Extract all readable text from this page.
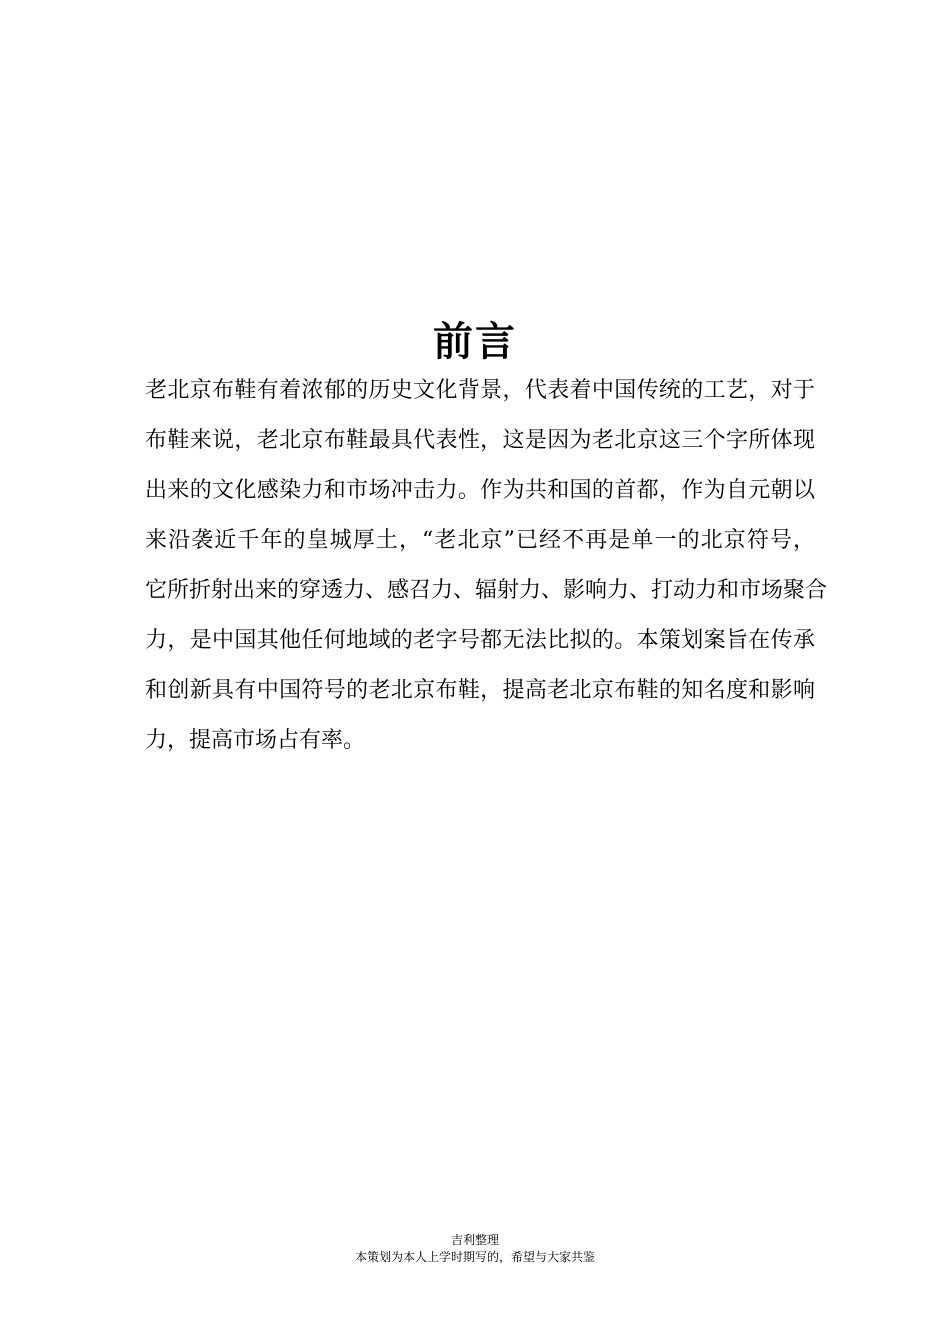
前言
老北京布鞋有着浓郁的历史文化背景，代表着中国传统的工艺，对于
布鞋来说，老北京布鞋最具代表性，这是因为老北京这三个字所体现
出来的文化感染力和市场冲击力。作为共和国的首都，作为自元朝以
来沿袭近千年的皇城厚土，“老北京”已经不再是单一的北京符号，
它所折射出来的穿透力、感召力、辐射力、影响力、打动力和市场聚合
力，是中国其他任何地域的老字号都无法比拟的。本策划案旨在传承
和创新具有中国符号的老北京布鞋，提高老北京布鞋的知名度和影响
力，提高市场占有率。
吉利整理
本策划为本人上学时期写的，希望与大家共鉴
